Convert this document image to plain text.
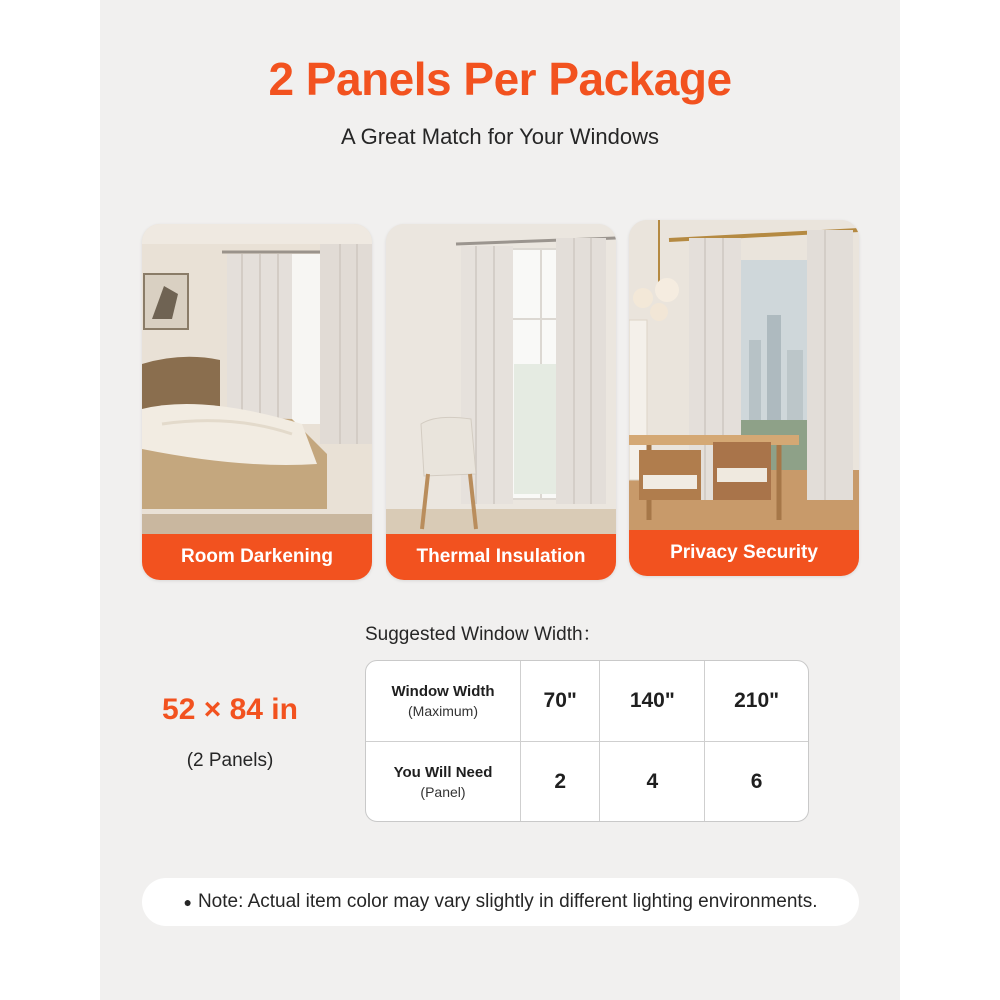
2 Panels Per Package
A Great Match for Your Windows
Room Darkening	Thermal Insulation	Privacy Security
Suggested Window Width：
52 × 84 in
(2 Panels)
Window Width
(Maximum)	70"	140"	210"

You Will Need
(Panel)	2	4	6
● Note: Actual item color may vary slightly in different lighting environments.
